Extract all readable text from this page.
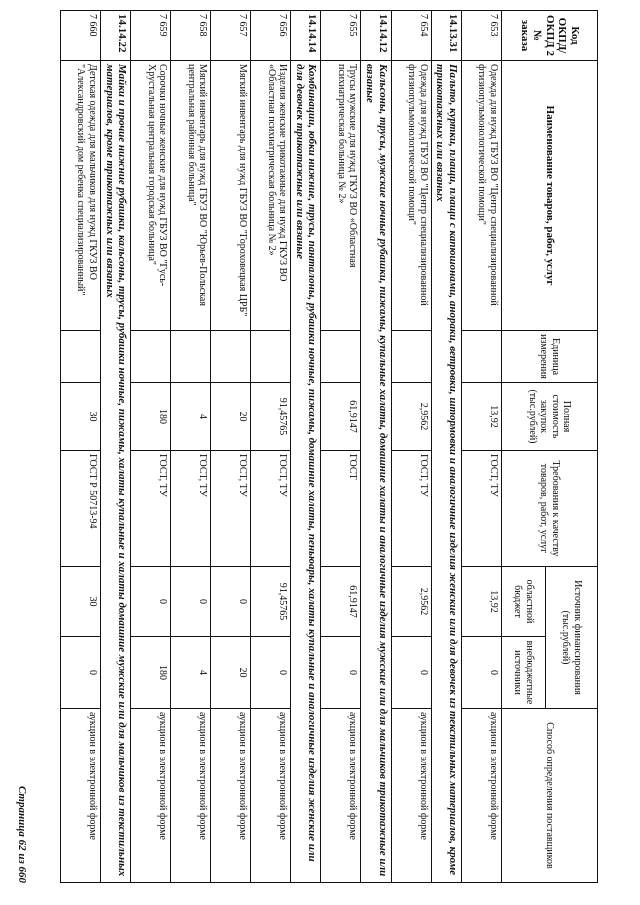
Код ОКПД/ ОКПД 2 № заказа	Наименование товаров, работ, услуг	Единица измерения	Полная стоимость закупок (тыс.рублей)	Требования к качеству товаров, работ, услуг	Источник финансирования (тыс.рублей)		Способ определения поставщиков
					областной бюджет	внебюджетные источники	
7 653	Одежда для нужд ГБУЗ ВО "Центр специализированной фтизиопульмонологической помощи"		13,92	ГОСТ, ТУ	13,92	0	аукцион в электронной форме
14.13.31	Пальто, куртки, плащи, плащи с капюшонами, анораки, ветровки, штормовки и аналогичные изделия женские или для девочек из текстильных материалов, кроме трикотажных или вязаных						
7 654	Одежда для нужд ГБУЗ ВО "Центр специализированной фтизиопульмонологической помощи"		2,9562	ГОСТ, ТУ	2,9562	0	аукцион в электронной форме
14.14.12	Кальсоны, трусы, мужские ночные рубашки, пижамы, купальные халаты, домашние халаты и аналогичные изделия мужские или для мальчиков трикотажные или вязаные						
7 655	Трусы мужские для нужд ГКУЗ ВО «Областная психиатрическая больница № 2»		61,9147	ГОСТ	61,9147	0	аукцион в электронной форме
14.14.14	Комбинации, юбки нижние, трусы, панталоны, рубашки ночные, пижамы, домашние халаты, пеньюары, халаты купальные и аналогичные изделия женские или для девочек трикотажные или вязаные						
7 656	Изделия женские трикотажные для нужд ГКУЗ ВО «Областная психиатрическая больница № 2»		91,45765	ГОСТ, ТУ	91,45765	0	аукцион в электронной форме
7 657	Мягкий инвентарь для нужд ГБУЗ ВО "Гороховецкая ЦРБ"		20	ГОСТ, ТУ	0	20	аукцион в электронной форме
7 658	Мягкий инвентарь для нужд ГБУЗ ВО "Юрьев-Польская центральная районная больница"		4	ГОСТ, ТУ	0	4	аукцион в электронной форме
7 659	Сорочки ночные женские для нужд ГБУЗ ВО "Гусь-Хрустальная центральная городская больница"		180	ГОСТ, ТУ	0	180	аукцион в электронной форме
14.14.22	Майки и прочие нижние рубашки, кальсоны, трусы, рубашки ночные, пижамы, халаты купальные и халаты домашние мужские или для мальчиков из текстильных материалов, кроме трикотажных или вязаных						
7 660	Детская одежда для мальчиков для нужд ГКУЗ ВО "Александровский дом ребенка специализированный"		30	ГОСТ Р 50713-94	30	0	аукцион в электронной форме
Страница 62 из 660
